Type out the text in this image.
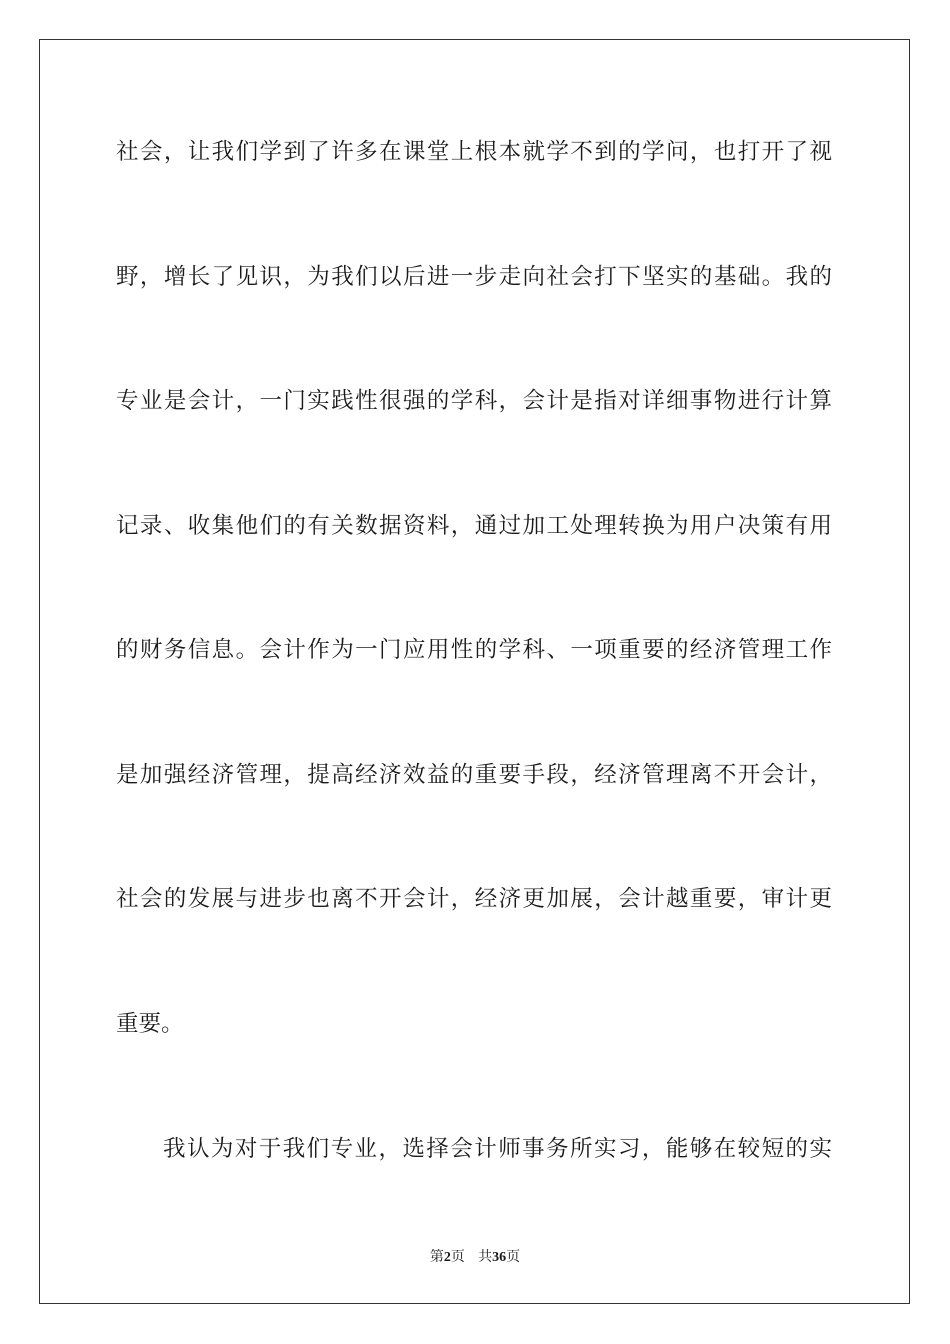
社会，让我们学到了许多在课堂上根本就学不到的学问，也打开了视
野，增长了见识，为我们以后进一步走向社会打下坚实的基础。我的
专业是会计，一门实践性很强的学科，会计是指对详细事物进行计算
记录、收集他们的有关数据资料，通过加工处理转换为用户决策有用
的财务信息。会计作为一门应用性的学科、一项重要的经济管理工作
是加强经济管理，提高经济效益的重要手段，经济管理离不开会计，
社会的发展与进步也离不开会计，经济更加展，会计越重要，审计更
重要。
我认为对于我们专业，选择会计师事务所实习，能够在较短的实
第2页 共36页
